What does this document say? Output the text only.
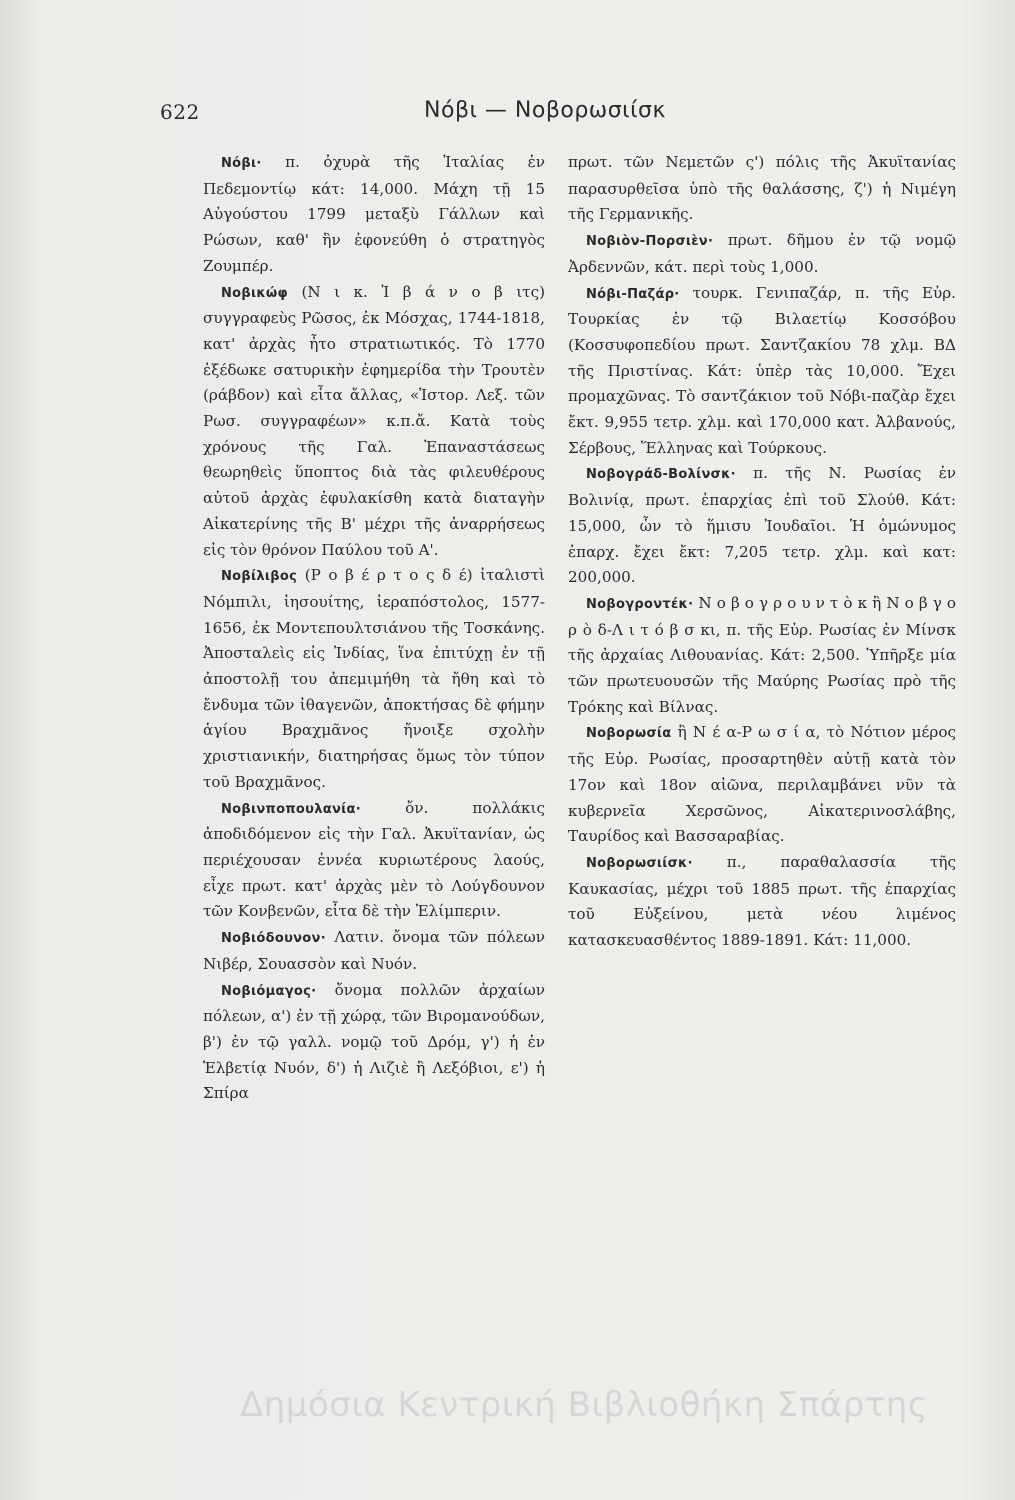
622	Νόβι — Νοβορωσιίσκ

Νόβι· π. ὀχυρὰ τῆς Ἰταλίας ἐν Πεδεμοντίῳ κάτ: 14,000. Μάχη τῇ 15 Αὐγούστου 1799 μεταξὺ Γάλλων καὶ Ρώσων, καθ' ἣν ἐφονεύθη ὁ στρατηγὸς Ζουμπέρ.

Νοβικώφ (Ν ι κ. Ἰ β ά ν ο β ιτς) συγγραφεὺς Ρῶσος, ἐκ Μόσχας, 1744-1818, κατ' ἀρχὰς ἦτο στρατιωτικός. Τὸ 1770 ἐξέδωκε σατυρικὴν ἐφημερίδα τὴν Τρουτὲν (ράβδον) καὶ εἶτα ἄλλας, «Ἱστορ. Λεξ. τῶν Ρωσ. συγγραφέων» κ.π.ἄ. Κατὰ τοὺς χρόνους τῆς Γαλ. Ἐπαναστάσεως θεωρηθεὶς ὕποπτος διὰ τὰς φιλευθέρους αὐτοῦ ἀρχὰς ἐφυλακίσθη κατὰ διαταγὴν Αἰκατερίνης τῆς Β' μέχρι τῆς ἀναρρήσεως εἰς τὸν θρόνον Παύλου τοῦ Α'.

Νοβίλιβος (Ρ ο β έ ρ τ ο ς δ έ) ἰταλιστὶ Νόμπιλι, ἰησουίτης, ἱεραπόστολος, 1577-1656, ἐκ Μοντεπουλτσιάνου τῆς Τοσκάνης. Ἀποσταλεὶς εἰς Ἰνδίας, ἵνα ἐπιτύχῃ ἐν τῇ ἀποστολῇ του ἀπεμιμήθη τὰ ἤθη καὶ τὸ ἔνδυμα τῶν ἰθαγενῶν, ἀποκτήσας δὲ φήμην ἁγίου Βραχμᾶνος ἤνοιξε σχολὴν χριστιανικήν, διατηρήσας ὅμως τὸν τύπον τοῦ Βραχμᾶνος.

Νοβινποπουλανία·	ὄν. πολλάκις ἀποδιδόμενον εἰς τὴν Γαλ. Ἀκυϊτανίαν, ὡς περιέχουσαν ἐννέα κυριωτέρους λαούς, εἶχε πρωτ. κατ' ἀρχὰς μὲν τὸ Λούγδουνον τῶν Κονβενῶν, εἶτα δὲ τὴν Ἐλίμπεριν.

Νοβιόδουνον· Λατιν. ὄνομα τῶν πόλεων Νιβέρ, Σουασσὸν καὶ Νυόν.

Νοβιόμαγος· ὄνομα πολλῶν ἀρχαίων πόλεων, α') ἐν τῇ χώρᾳ, τῶν Βιρομανούδων, β') ἐν τῷ γαλλ. νομῷ τοῦ Δρόμ, γ') ἡ ἐν Ἑλβετίᾳ Νυόν, δ') ἡ Λιζιὲ ἢ Λεξόβιοι, ε') ἡ Σπίρα

πρωτ. τῶν Νεμετῶν ς') πόλις τῆς Ἀκυϊτανίας παρασυρθεῖσα ὑπὸ τῆς θαλάσσης, ζ') ἡ Νιμέγη τῆς Γερμανικῆς.

Νοβιὸν-Πορσιὲν· πρωτ. δῆμου ἐν τῷ νομῷ Ἀρδεννῶν, κάτ. περὶ τοὺς 1,000.

Νόβι-Παζάρ· τουρκ. Γενιπαζάρ, π. τῆς Εὐρ. Τουρκίας ἐν τῷ Βιλαετίῳ Κοσσόβου (Κοσσυφοπεδίου πρωτ. Σαντζακίου 78 χλμ. ΒΔ τῆς Πριστίνας. Κάτ: ὑπὲρ τὰς 10,000. Ἔχει προμαχῶνας. Τὸ σαντζάκιον τοῦ Νόβι-παζὰρ ἔχει ἔκτ. 9,955 τετρ. χλμ. καὶ 170,000 κατ. Ἀλβανούς, Σέρβους, Ἕλληνας καὶ Τούρκους.

Νοβογράδ-Βολίνσκ· π. τῆς Ν. Ρωσίας ἐν Βολινίᾳ, πρωτ. ἐπαρχίας ἐπὶ τοῦ Σλούθ. Κάτ: 15,000, ὧν τὸ ἥμισυ Ἰουδαῖοι. Ἡ ὁμώνυμος ἐπαρχ. ἔχει ἔκτ: 7,205 τετρ. χλμ. καὶ κατ: 200,000.

Νοβογροντέκ· Ν ο β ο γ ρ ο υ ν τ ὸ κ ἢ Ν ο β γ ο ρ ὸ δ-Λ ι τ ό β σ κι, π. τῆς Εὐρ. Ρωσίας ἐν Μίνσκ τῆς ἀρχαίας Λιθουανίας. Κάτ: 2,500. Ὑπῆρξε μία τῶν πρωτευουσῶν τῆς Μαύρης Ρωσίας πρὸ τῆς Τρόκης καὶ Βίλνας.

Νοβορωσία ἢ Ν έ α-Ρ ω σ ί α, τὸ Νότιον μέρος τῆς Εὐρ. Ρωσίας, προσαρτηθὲν αὐτῇ κατὰ τὸν 17ον καὶ 18ον αἰῶνα, περιλαμβάνει νῦν τὰ κυβερνεῖα Χερσῶνος, Αἰκατερινοσλάβης, Ταυρίδος καὶ Βασσαραβίας.

Νοβορωσιίσκ· π., παραθαλασσία τῆς Καυκασίας, μέχρι τοῦ 1885 πρωτ. τῆς ἐπαρχίας τοῦ Εὐξείνου, μετὰ νέου λιμένος κατασκευασθέντος 1889-1891. Κάτ: 11,000.

Δημόσια Κεντρική Βιβλιοθήκη Σπάρτης
